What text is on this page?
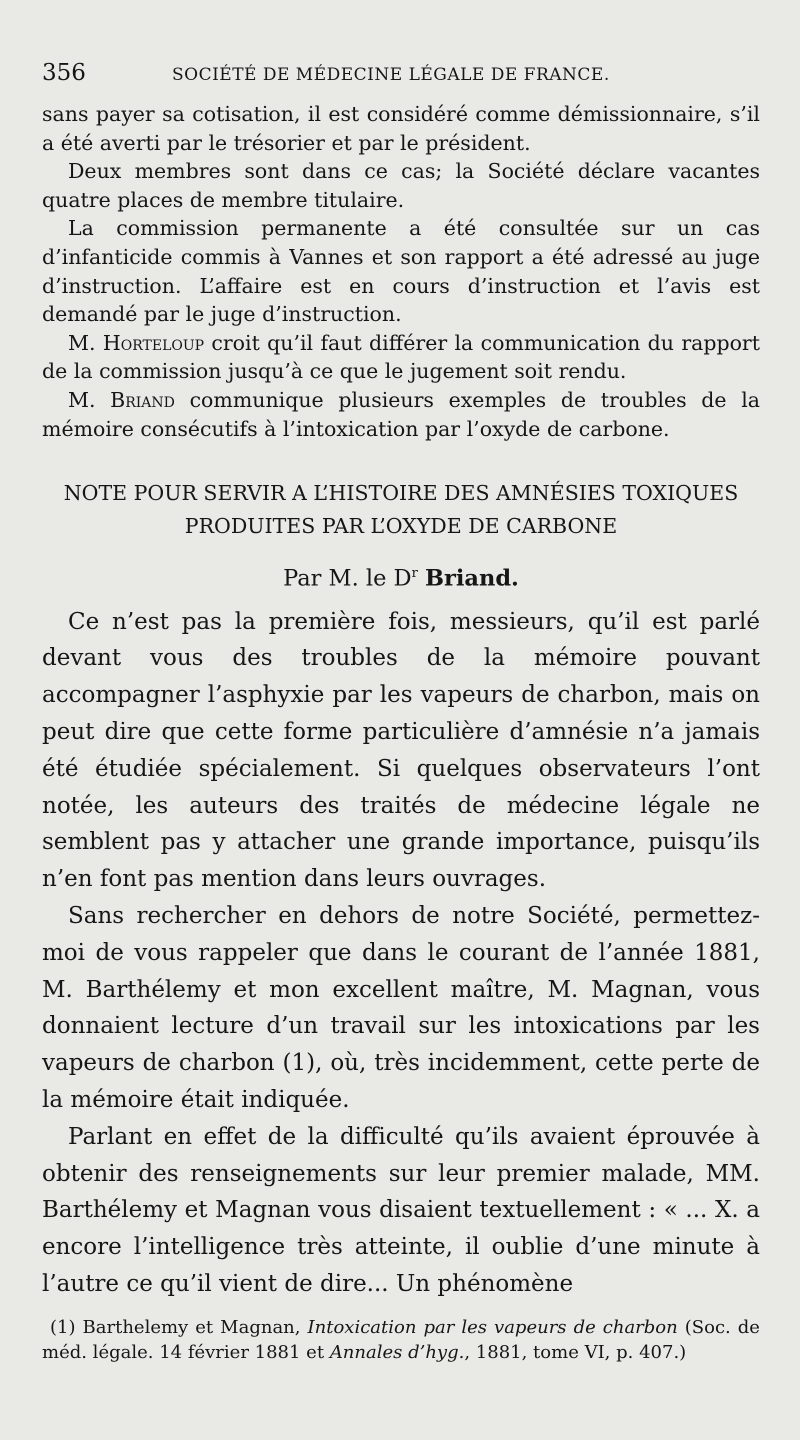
356	SOCIÉTÉ DE MÉDECINE LÉGALE DE FRANCE.

sans payer sa cotisation, il est considéré comme démissionnaire, s’il a été averti par le trésorier et par le président.

Deux membres sont dans ce cas; la Société déclare vacantes quatre places de membre titulaire.

La commission permanente a été consultée sur un cas d’infanticide commis à Vannes et son rapport a été adressé au juge d’instruction. L’affaire est en cours d’instruction et l’avis est demandé par le juge d’instruction.

M. Horteloup croit qu’il faut différer la communication du rapport de la commission jusqu’à ce que le jugement soit rendu.

M. Briand communique plusieurs exemples de troubles de la mémoire consécutifs à l’intoxication par l’oxyde de carbone.

NOTE POUR SERVIR A L’HISTOIRE DES AMNÉSIES TOXIQUES
PRODUITES PAR L’OXYDE DE CARBONE
Par M. le $D^r$ Briand.

Ce n’est pas la première fois, messieurs, qu’il est parlé devant vous des troubles de la mémoire pouvant accompagner l’asphyxie par les vapeurs de charbon, mais on peut dire que cette forme particulière d’amnésie n’a jamais été étudiée spécialement. Si quelques observateurs l’ont notée, les auteurs des traités de médecine légale ne semblent pas y attacher une grande importance, puisqu’ils n’en font pas mention dans leurs ouvrages.

Sans rechercher en dehors de notre Société, permettez-moi de vous rappeler que dans le courant de l’année 1881, M. Barthélemy et mon excellent maître, M. Magnan, vous donnaient lecture d’un travail sur les intoxications par les vapeurs de charbon (1), où, très incidemment, cette perte de la mémoire était indiquée.

Parlant en effet de la difficulté qu’ils avaient éprouvée à obtenir des renseignements sur leur premier malade, MM. Barthélemy et Magnan vous disaient textuellement : « ... X. a encore l’intelligence très atteinte, il oublie d’une minute à l’autre ce qu’il vient de dire... Un phénomène

(1) Barthelemy et Magnan, Intoxication par les vapeurs de charbon (Soc. de méd. légale. 14 février 1881 et Annales d’hyg., 1881, tome VI, p. 407.)
